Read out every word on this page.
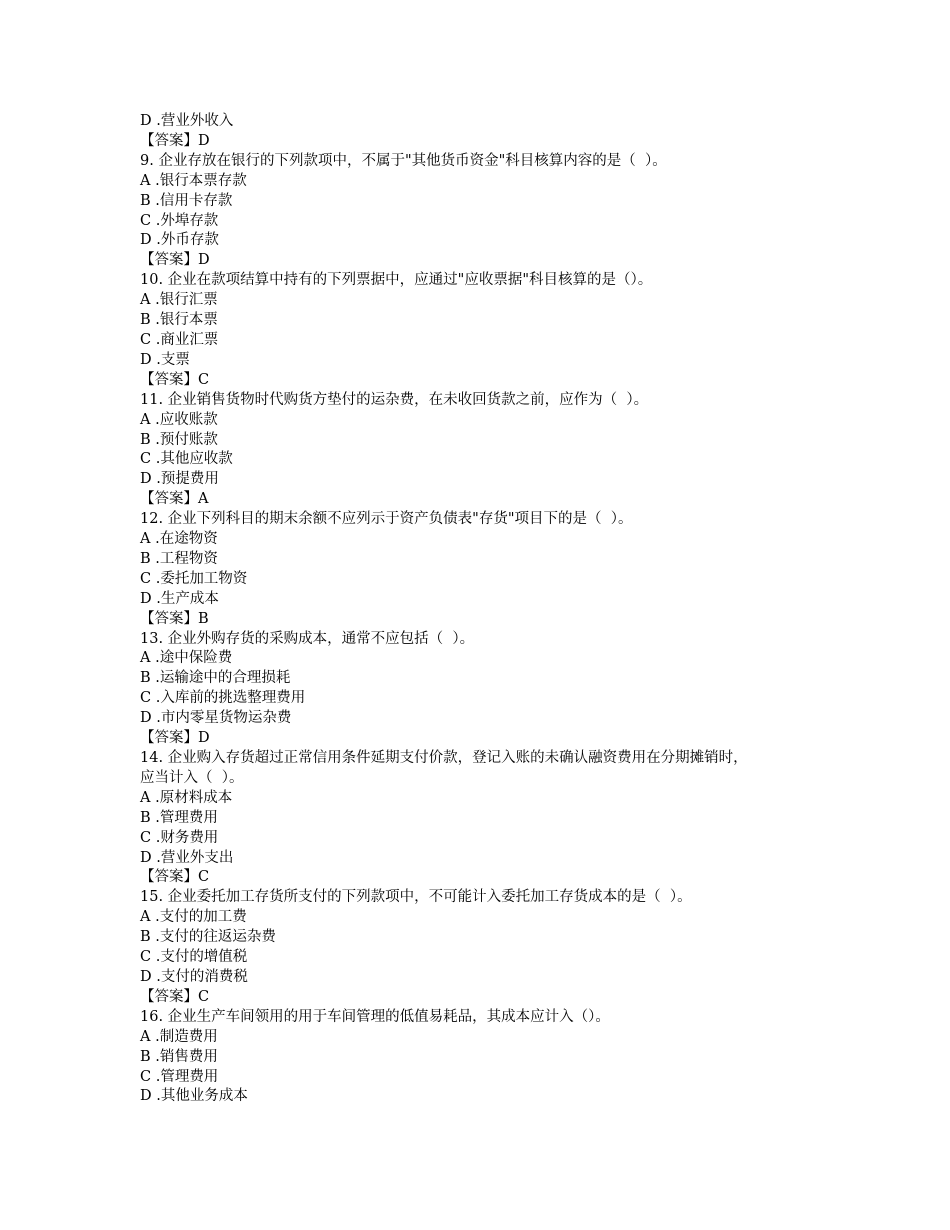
D .营业外收入
【答案】D
9. 企业存放在银行的下列款项中，不属于"其他货币资金"科目核算内容的是（  ）。
A .银行本票存款
B .信用卡存款
C .外埠存款
D .外币存款
【答案】D
10. 企业在款项结算中持有的下列票据中，应通过"应收票据"科目核算的是（）。
A .银行汇票
B .银行本票
C .商业汇票
D .支票
【答案】C
11. 企业销售货物时代购货方垫付的运杂费，在未收回货款之前，应作为（  ）。
A .应收账款
B .预付账款
C .其他应收款
D .预提费用
【答案】A
12. 企业下列科目的期末余额不应列示于资产负债表"存货"项目下的是（  ）。
A .在途物资
B .工程物资
C .委托加工物资
D .生产成本
【答案】B
13. 企业外购存货的采购成本，通常不应包括（  ）。
A .途中保险费
B .运输途中的合理损耗
C .入库前的挑选整理费用
D .市内零星货物运杂费
【答案】D
14. 企业购入存货超过正常信用条件延期支付价款，登记入账的未确认融资费用在分期摊销时，
应当计入（  ）。
A .原材料成本
B .管理费用
C .财务费用
D .营业外支出
【答案】C
15. 企业委托加工存货所支付的下列款项中，不可能计入委托加工存货成本的是（  ）。
A .支付的加工费
B .支付的往返运杂费
C .支付的增值税
D .支付的消费税
【答案】C
16. 企业生产车间领用的用于车间管理的低值易耗品，其成本应计入（）。
A .制造费用
B .销售费用
C .管理费用
D .其他业务成本
